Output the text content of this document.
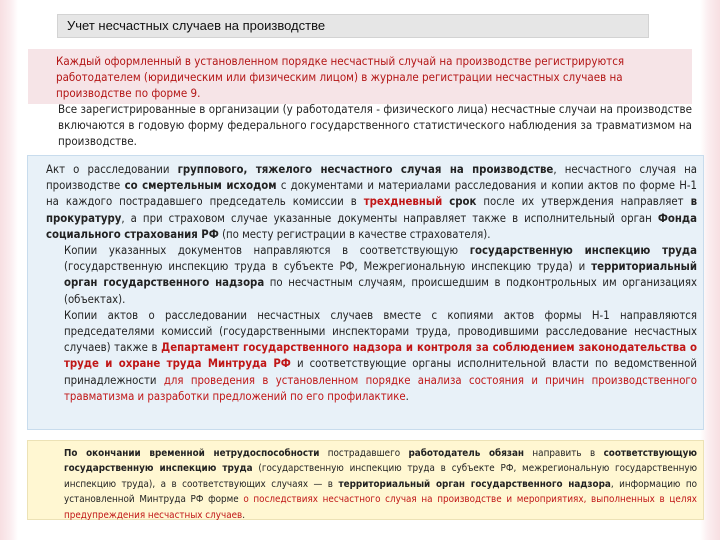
Учет несчастных случаев на производстве
Каждый оформленный в установленном порядке несчастный случай на производстве регистрируются работодателем (юридическим или физическим лицом) в журнале регистрации несчастных случаев на производстве по форме 9.

Все зарегистрированные в организации (у работодателя - физического лица) несчастные случаи на производстве включаются в годовую форму федерального государственного статистического наблюдения за травматизмом на производстве.

Акт о расследовании группового, тяжелого несчастного случая на производстве, несчастного случая на производстве со смертельным исходом с документами и материалами расследования и копии актов по форме Н-1 на каждого пострадавшего председатель комиссии в трехдневный срок после их утверждения направляет в прокуратуру, а при страховом случае указанные документы направляет также в исполнительный орган Фонда социального страхования РФ (по месту регистрации в качестве страхователя).

Копии указанных документов направляются в соответствующую государственную инспекцию труда (государственную инспекцию труда в субъекте РФ, Межрегиональную инспекцию труда) и территориальный орган государственного надзора по несчастным случаям, происшедшим в подконтрольных им организациях (объектах).

Копии актов о расследовании несчастных случаев вместе с копиями актов формы Н-1 направляются председателями комиссий (государственными инспекторами труда, проводившими расследование несчастных случаев) также в Департамент государственного надзора и контроля за соблюдением законодательства о труде и охране труда Минтруда РФ и соответствующие органы исполнительной власти по ведомственной принадлежности для проведения в установленном порядке анализа состояния и причин производственного травматизма и разработки предложений по его профилактике.

По окончании временной нетрудоспособности пострадавшего работодатель обязан направить в соответствующую государственную инспекцию труда (государственную инспекцию труда в субъекте РФ, межрегиональную государственную инспекцию труда), а в соответствующих случаях — в территориальный орган государственного надзора, информацию по установленной Минтруда РФ форме о последствиях несчастного случая на производстве и мероприятиях, выполненных в целях предупреждения несчастных случаев.
